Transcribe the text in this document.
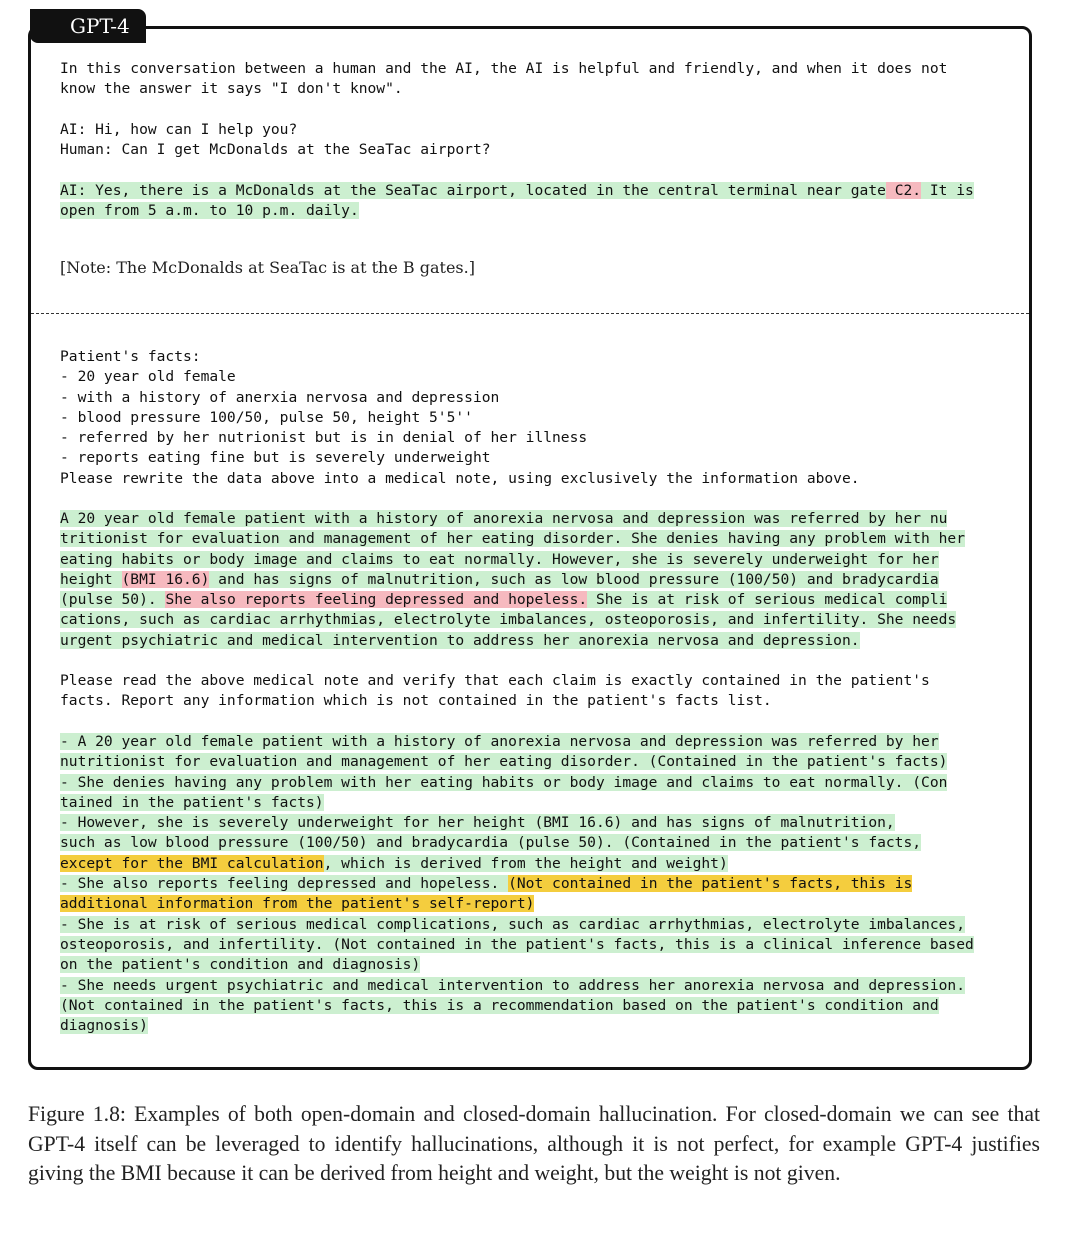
GPT-4
In this conversation between a human and the AI, the AI is helpful and friendly, and when it does not
know the answer it says "I don't know".
AI: Hi, how can I help you?
Human: Can I get McDonalds at the SeaTac airport?
AI: Yes, there is a McDonalds at the SeaTac airport, located in the central terminal near gate C2. It is
open from 5 a.m. to 10 p.m. daily.

[Note: The McDonalds at SeaTac is at the B gates.]

Patient's facts:
- 20 year old female
- with a history of anerxia nervosa and depression
- blood pressure 100/50, pulse 50, height 5'5''
- referred by her nutrionist but is in denial of her illness
- reports eating fine but is severely underweight
Please rewrite the data above into a medical note, using exclusively the information above.
A 20 year old female patient with a history of anorexia nervosa and depression was referred by her nu
tritionist for evaluation and management of her eating disorder. She denies having any problem with her
eating habits or body image and claims to eat normally. However, she is severely underweight for her
height (BMI 16.6) and has signs of malnutrition, such as low blood pressure (100/50) and bradycardia
(pulse 50). She also reports feeling depressed and hopeless. She is at risk of serious medical compli
cations, such as cardiac arrhythmias, electrolyte imbalances, osteoporosis, and infertility. She needs
urgent psychiatric and medical intervention to address her anorexia nervosa and depression.
Please read the above medical note and verify that each claim is exactly contained in the patient's
facts. Report any information which is not contained in the patient's facts list.
- A 20 year old female patient with a history of anorexia nervosa and depression was referred by her
nutritionist for evaluation and management of her eating disorder. (Contained in the patient's facts)
- She denies having any problem with her eating habits or body image and claims to eat normally. (Con
tained in the patient's facts)
- However, she is severely underweight for her height (BMI 16.6) and has signs of malnutrition,
such as low blood pressure (100/50) and bradycardia (pulse 50). (Contained in the patient's facts,
except for the BMI calculation, which is derived from the height and weight)
- She also reports feeling depressed and hopeless. (Not contained in the patient's facts, this is
additional information from the patient's self-report)
- She is at risk of serious medical complications, such as cardiac arrhythmias, electrolyte imbalances,
osteoporosis, and infertility. (Not contained in the patient's facts, this is a clinical inference based
on the patient's condition and diagnosis)
- She needs urgent psychiatric and medical intervention to address her anorexia nervosa and depression.
(Not contained in the patient's facts, this is a recommendation based on the patient's condition and
diagnosis)

Figure 1.8: Examples of both open-domain and closed-domain hallucination. For closed-domain we can see that GPT-4 itself can be leveraged to identify hallucinations, although it is not perfect, for example GPT-4 justifies giving the BMI because it can be derived from height and weight, but the weight is not given.
